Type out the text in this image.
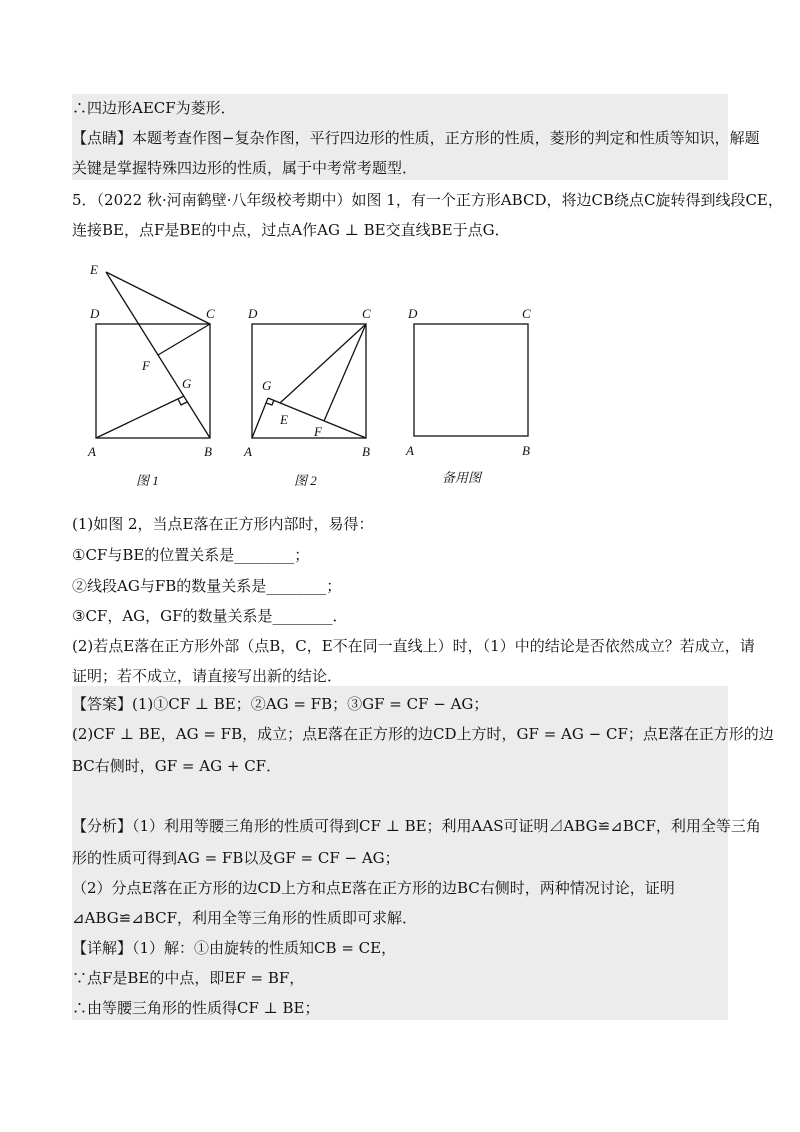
∴四边形AECF为菱形．
【点睛】本题考查作图−复杂作图，平行四边形的性质，正方形的性质，菱形的判定和性质等知识，解题
关键是掌握特殊四边形的性质，属于中考常考题型．
5．（2022 秋·河南鹤壁·八年级校考期中）如图 1，有一个正方形ABCD，将边CB绕点C旋转得到线段CE，
连接BE，点F是BE的中点，过点A作AG ⊥ BE交直线BE于点G．
E
D	C
F
G
A	B
图 1
D	C
G
E
F
A	B
图 2
D	C
A	B
备用图
(1)如图 2，当点E落在正方形内部时，易得：
①CF与BE的位置关系是________；
②线段AG与FB的数量关系是________；
③CF，AG，GF的数量关系是________．
(2)若点E落在正方形外部（点B，C，E不在同一直线上）时，（1）中的结论是否依然成立？若成立，请
证明；若不成立，请直接写出新的结论．
【答案】(1)①CF ⊥ BE；②AG = FB；③GF = CF − AG；
(2)CF ⊥ BE，AG = FB，成立；点E落在正方形的边CD上方时，GF = AG − CF；点E落在正方形的边
BC右侧时，GF = AG + CF．
【分析】（1）利用等腰三角形的性质可得到CF ⊥ BE；利用AAS可证明⊿ABG≌⊿BCF，利用全等三角
形的性质可得到AG = FB以及GF = CF − AG；
（2）分点E落在正方形的边CD上方和点E落在正方形的边BC右侧时，两种情况讨论，证明
⊿ABG≌⊿BCF，利用全等三角形的性质即可求解．
【详解】（1）解：①由旋转的性质知CB = CE，
∵点F是BE的中点，即EF = BF，
∴由等腰三角形的性质得CF ⊥ BE；
